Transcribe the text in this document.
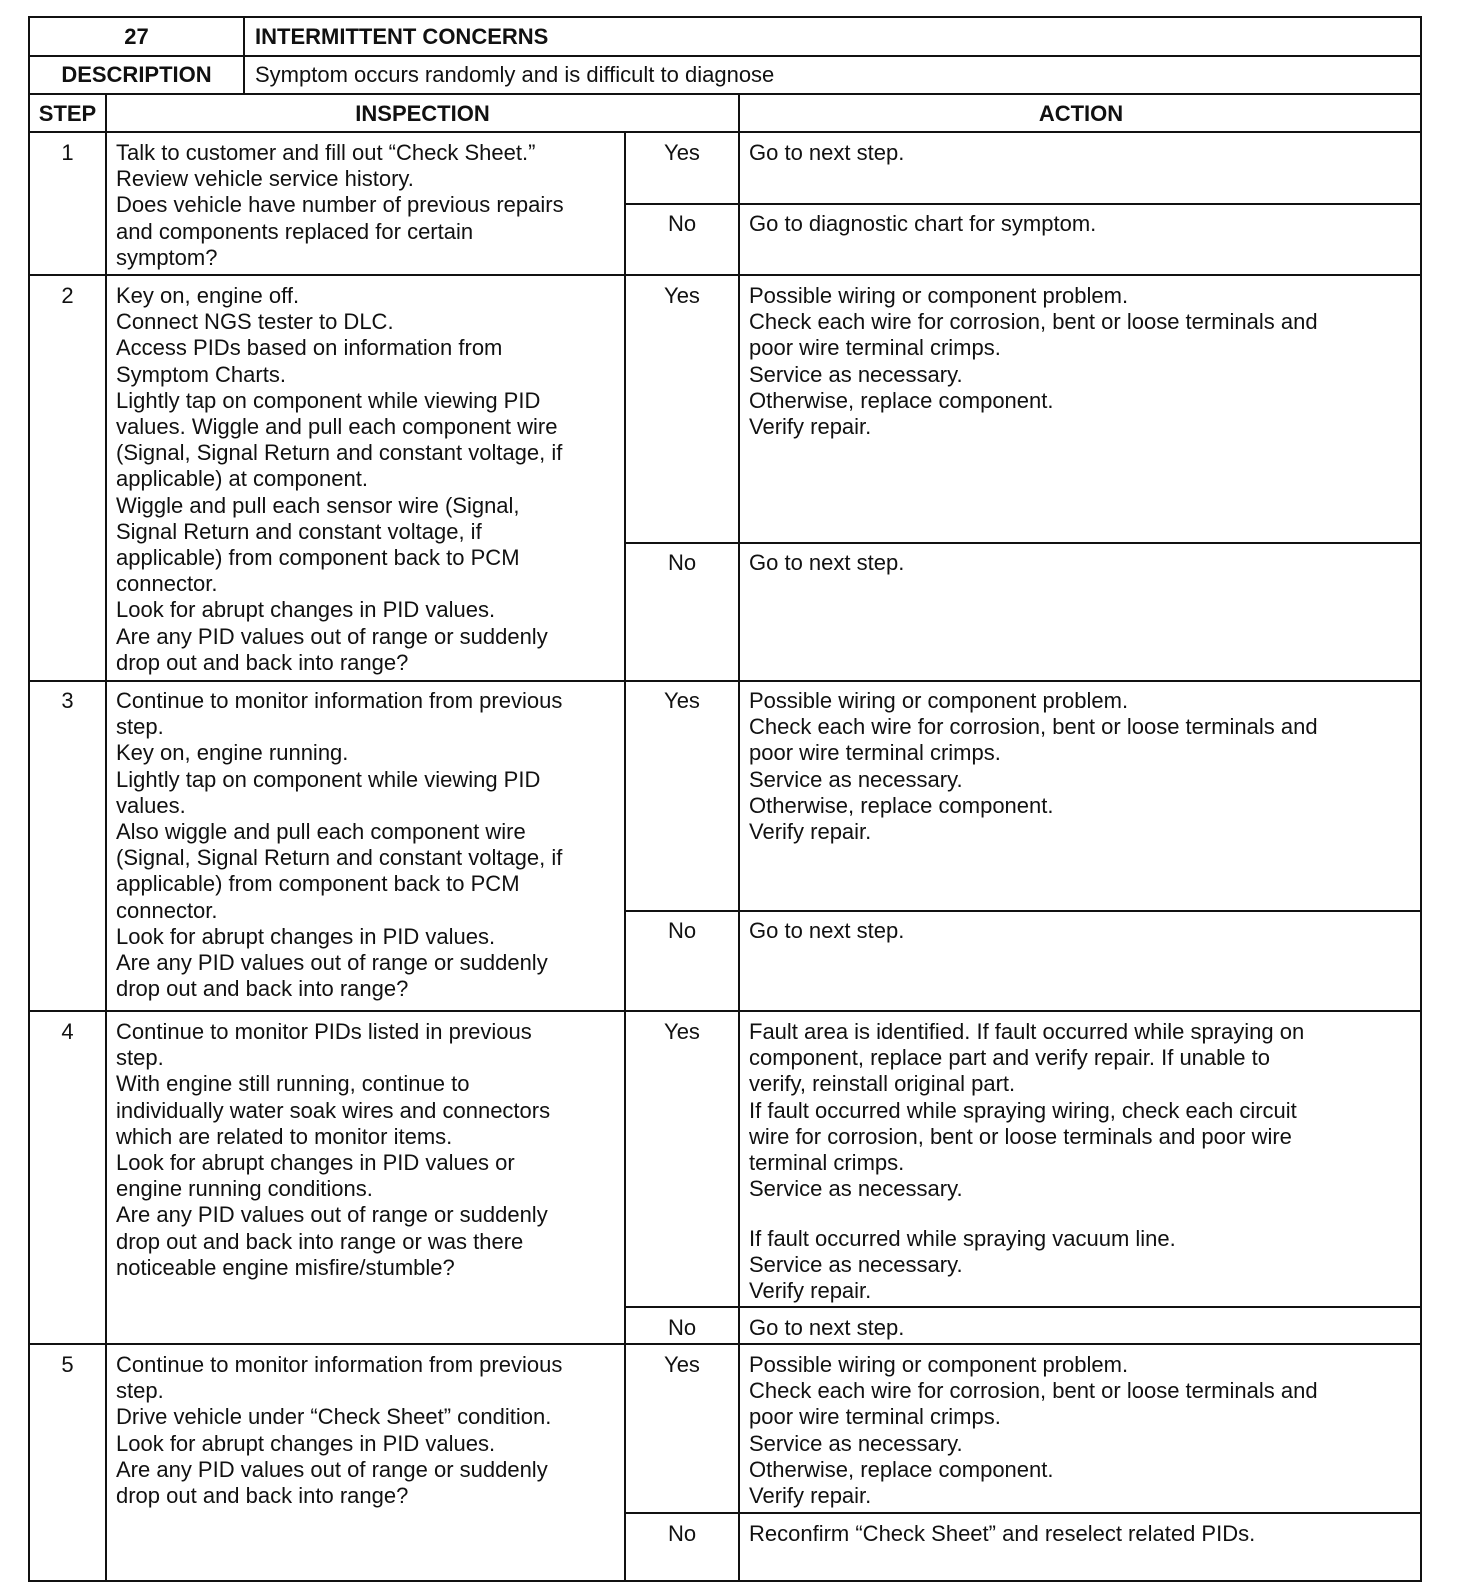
27	INTERMITTENT CONCERNS
DESCRIPTION	Symptom occurs randomly and is difficult to diagnose
STEP	INSPECTION	ACTION
1	Talk to customer and fill out “Check Sheet.”
Review vehicle service history.
Does vehicle have number of previous repairs
and components replaced for certain
symptom?
Yes	Go to next step.
No	Go to diagnostic chart for symptom.
2	Key on, engine off.
Connect NGS tester to DLC.
Access PIDs based on information from
Symptom Charts.
Lightly tap on component while viewing PID
values. Wiggle and pull each component wire
(Signal, Signal Return and constant voltage, if
applicable) at component.
Wiggle and pull each sensor wire (Signal,
Signal Return and constant voltage, if
applicable) from component back to PCM
connector.
Look for abrupt changes in PID values.
Are any PID values out of range or suddenly
drop out and back into range?
Yes	Possible wiring or component problem.
Check each wire for corrosion, bent or loose terminals and
poor wire terminal crimps.
Service as necessary.
Otherwise, replace component.
Verify repair.
No	Go to next step.
3	Continue to monitor information from previous
step.
Key on, engine running.
Lightly tap on component while viewing PID
values.
Also wiggle and pull each component wire
(Signal, Signal Return and constant voltage, if
applicable) from component back to PCM
connector.
Look for abrupt changes in PID values.
Are any PID values out of range or suddenly
drop out and back into range?
Yes	Possible wiring or component problem.
Check each wire for corrosion, bent or loose terminals and
poor wire terminal crimps.
Service as necessary.
Otherwise, replace component.
Verify repair.
No	Go to next step.
4	Continue to monitor PIDs listed in previous
step.
With engine still running, continue to
individually water soak wires and connectors
which are related to monitor items.
Look for abrupt changes in PID values or
engine running conditions.
Are any PID values out of range or suddenly
drop out and back into range or was there
noticeable engine misfire/stumble?
Yes	Fault area is identified. If fault occurred while spraying on
component, replace part and verify repair. If unable to
verify, reinstall original part.
If fault occurred while spraying wiring, check each circuit
wire for corrosion, bent or loose terminals and poor wire
terminal crimps.
Service as necessary.
If fault occurred while spraying vacuum line.
Service as necessary.
Verify repair.
No	Go to next step.
5	Continue to monitor information from previous
step.
Drive vehicle under “Check Sheet” condition.
Look for abrupt changes in PID values.
Are any PID values out of range or suddenly
drop out and back into range?
Yes	Possible wiring or component problem.
Check each wire for corrosion, bent or loose terminals and
poor wire terminal crimps.
Service as necessary.
Otherwise, replace component.
Verify repair.
No	Reconfirm “Check Sheet” and reselect related PIDs.
